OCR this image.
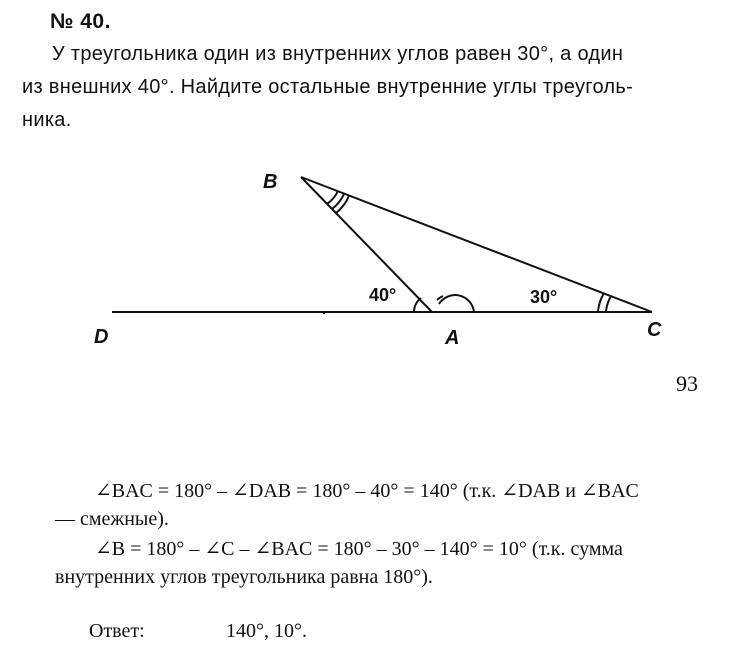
№ 40.
У треугольника один из внутренних углов равен 30°, а один
из внешних 40°. Найдите остальные внутренние углы треуголь-
ника.
B
D	A	C
40°	30°
93
∠BAC = 180° – ∠DAB = 180° – 40° = 140° (т.к. ∠DAB и ∠BAC
— смежные).
∠B = 180° – ∠C – ∠BAC = 180° – 30° – 140° = 10° (т.к. сумма
внутренних углов треугольника равна 180°).
Ответ:	140°, 10°.
